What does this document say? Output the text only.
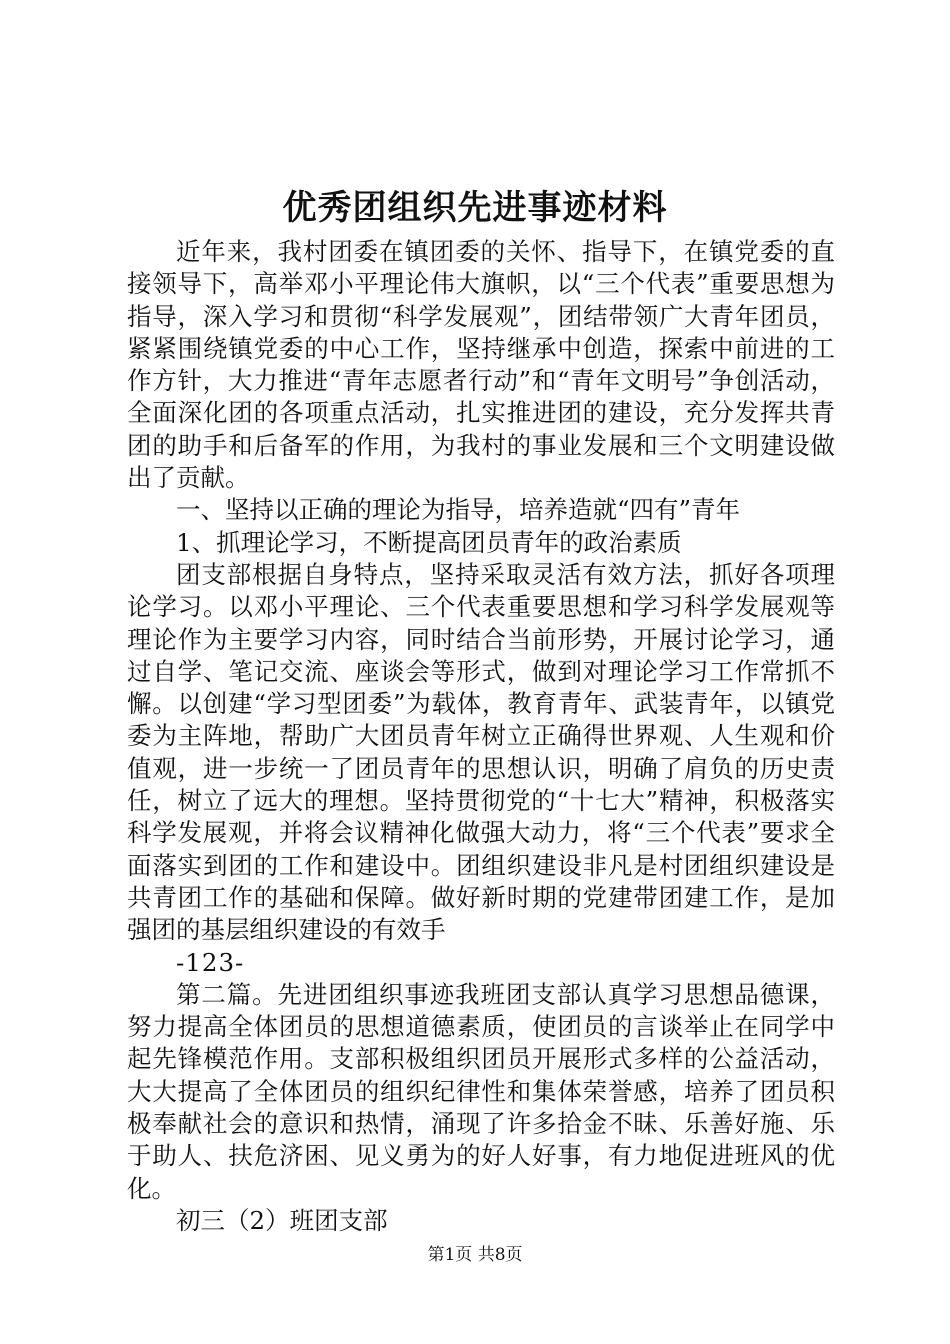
优秀团组织先进事迹材料

近年来，我村团委在镇团委的关怀、指导下，在镇党委的直接领导下，高举邓小平理论伟大旗帜，以“三个代表”重要思想为指导，深入学习和贯彻“科学发展观”，团结带领广大青年团员，紧紧围绕镇党委的中心工作，坚持继承中创造，探索中前进的工作方针，大力推进“青年志愿者行动”和“青年文明号”争创活动，全面深化团的各项重点活动，扎实推进团的建设，充分发挥共青团的助手和后备军的作用，为我村的事业发展和三个文明建设做出了贡献。

一、坚持以正确的理论为指导，培养造就“四有”青年

1、抓理论学习，不断提高团员青年的政治素质

团支部根据自身特点，坚持采取灵活有效方法，抓好各项理论学习。以邓小平理论、三个代表重要思想和学习科学发展观等理论作为主要学习内容，同时结合当前形势，开展讨论学习，通过自学、笔记交流、座谈会等形式，做到对理论学习工作常抓不懈。以创建“学习型团委”为载体，教育青年、武装青年，以镇党委为主阵地，帮助广大团员青年树立正确得世界观、人生观和价值观，进一步统一了团员青年的思想认识，明确了肩负的历史责任，树立了远大的理想。坚持贯彻党的“十七大”精神，积极落实科学发展观，并将会议精神化做强大动力，将“三个代表”要求全面落实到团的工作和建设中。团组织建设非凡是村团组织建设是共青团工作的基础和保障。做好新时期的党建带团建工作，是加强团的基层组织建设的有效手

-123-

第二篇。先进团组织事迹我班团支部认真学习思想品德课，努力提高全体团员的思想道德素质，使团员的言谈举止在同学中起先锋模范作用。支部积极组织团员开展形式多样的公益活动，大大提高了全体团员的组织纪律性和集体荣誉感，培养了团员积极奉献社会的意识和热情，涌现了许多拾金不昧、乐善好施、乐于助人、扶危济困、见义勇为的好人好事，有力地促进班风的优化。

初三（2）班团支部

第1页 共8页
